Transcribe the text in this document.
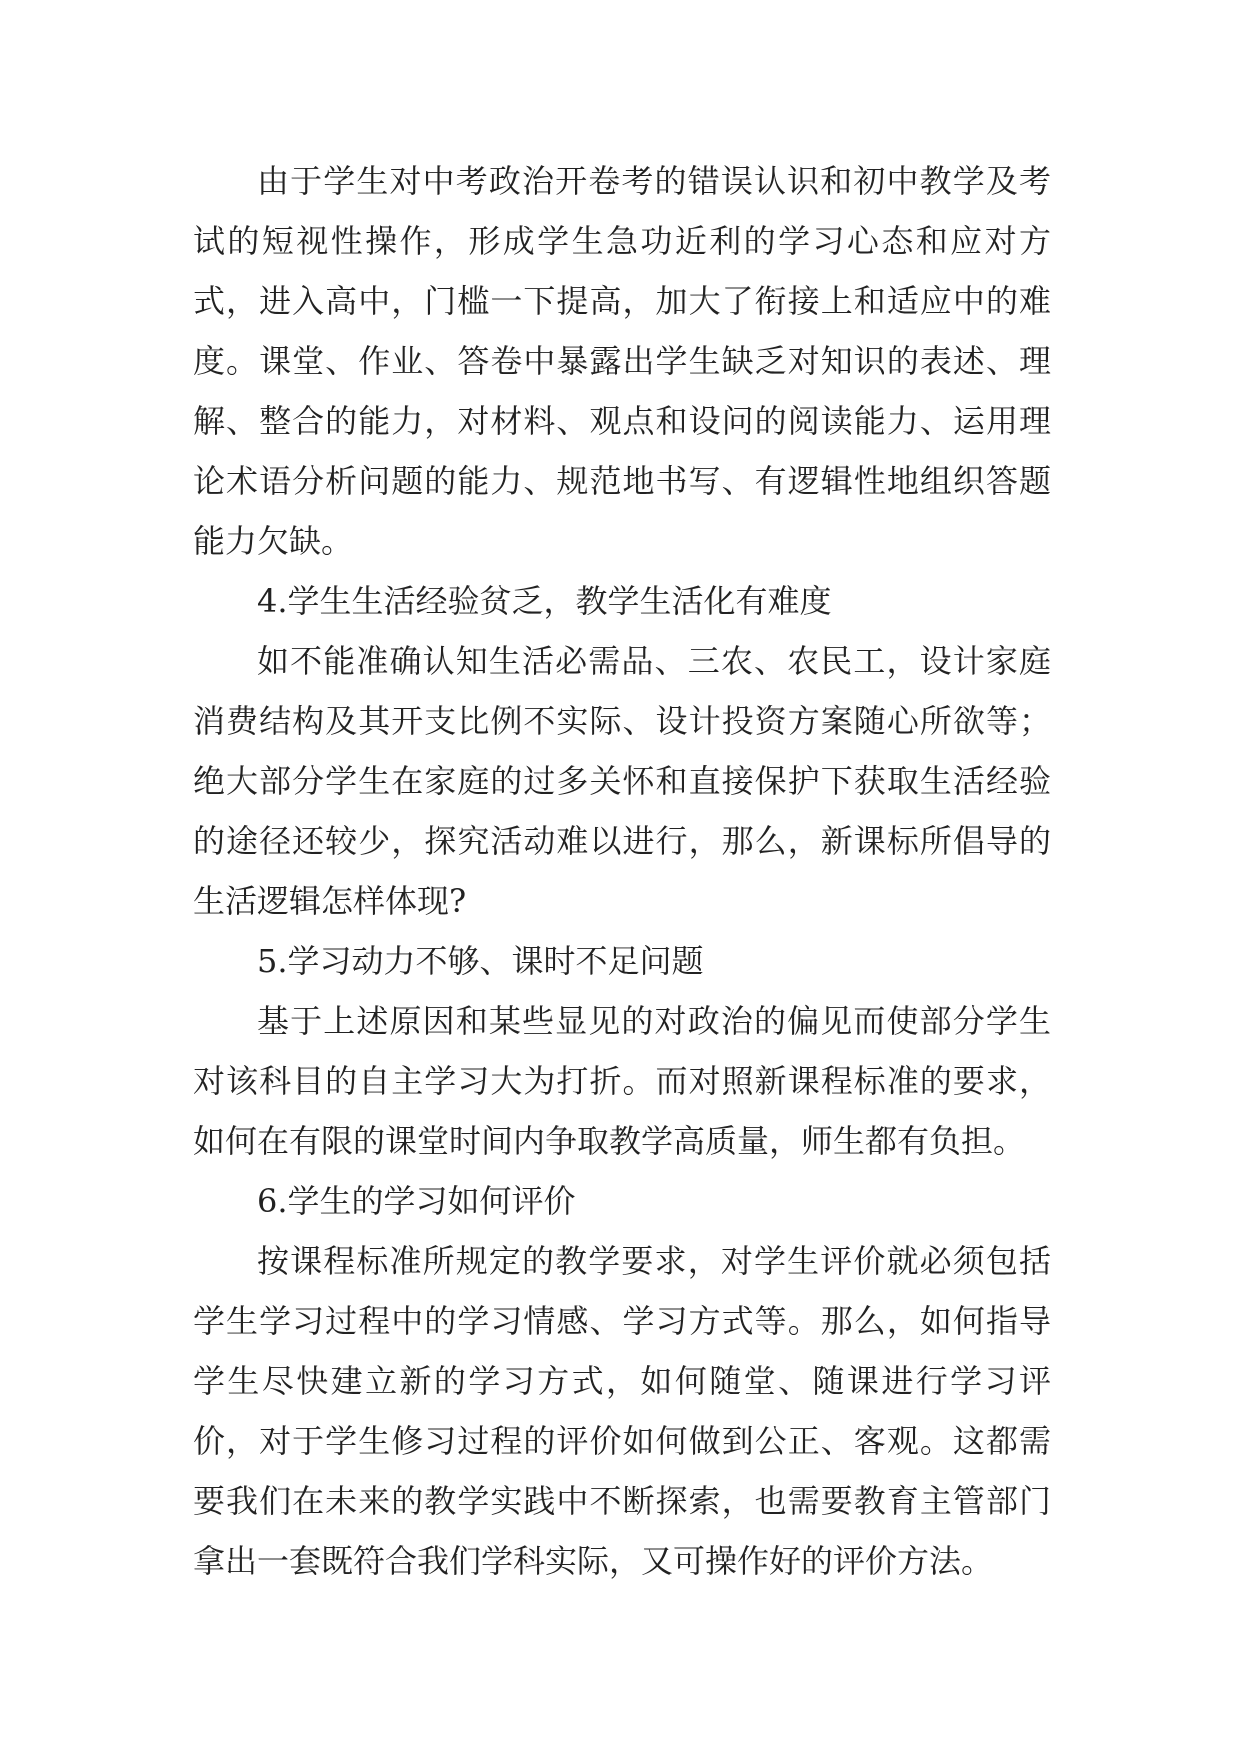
由于学生对中考政治开卷考的错误认识和初中教学及考试的短视性操作，形成学生急功近利的学习心态和应对方式，进入高中，门槛一下提高，加大了衔接上和适应中的难度。课堂、作业、答卷中暴露出学生缺乏对知识的表述、理解、整合的能力，对材料、观点和设问的阅读能力、运用理论术语分析问题的能力、规范地书写、有逻辑性地组织答题能力欠缺。

4.学生生活经验贫乏，教学生活化有难度

如不能准确认知生活必需品、三农、农民工，设计家庭消费结构及其开支比例不实际、设计投资方案随心所欲等；绝大部分学生在家庭的过多关怀和直接保护下获取生活经验的途径还较少，探究活动难以进行，那么，新课标所倡导的生活逻辑怎样体现?

5.学习动力不够、课时不足问题

基于上述原因和某些显见的对政治的偏见而使部分学生对该科目的自主学习大为打折。而对照新课程标准的要求，如何在有限的课堂时间内争取教学高质量，师生都有负担。

6.学生的学习如何评价

按课程标准所规定的教学要求，对学生评价就必须包括学生学习过程中的学习情感、学习方式等。那么，如何指导学生尽快建立新的学习方式，如何随堂、随课进行学习评价，对于学生修习过程的评价如何做到公正、客观。这都需要我们在未来的教学实践中不断探索，也需要教育主管部门拿出一套既符合我们学科实际，又可操作好的评价方法。
